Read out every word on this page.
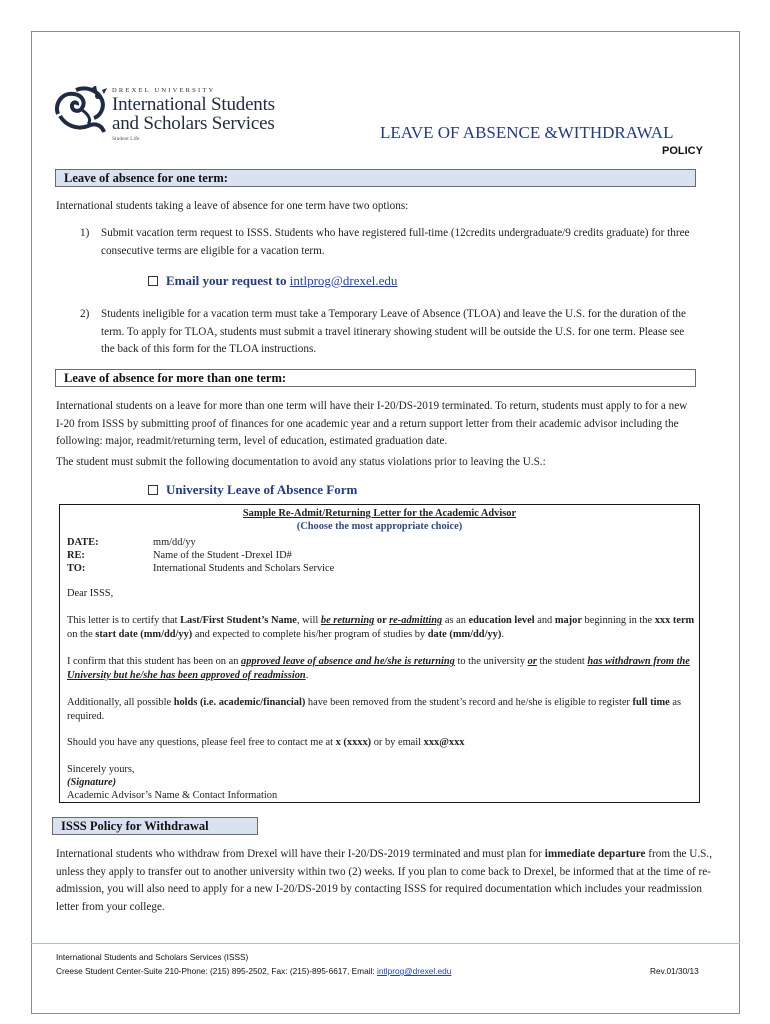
DREXEL UNIVERSITY
International Students
and Scholars Services
Student Life	LEAVE OF ABSENCE &WITHDRAWAL
POLICY
Leave of absence for one term:
International students taking a leave of absence for one term have two options:
1) Submit vacation term request to ISSS. Students who have registered full-time (12credits undergraduate/9 credits graduate) for three consecutive terms are eligible for a vacation term.
Email your request to intlprog@drexel.edu
2) Students ineligible for a vacation term must take a Temporary Leave of Absence (TLOA) and leave the U.S. for the duration of the term. To apply for TLOA, students must submit a travel itinerary showing student will be outside the U.S. for one term. Please see the back of this form for the TLOA instructions.
Leave of absence for more than one term:
International students on a leave for more than one term will have their I-20/DS-2019 terminated. To return, students must apply to for a new I-20 from ISSS by submitting proof of finances for one academic year and a return support letter from their academic advisor including the following: major, readmit/returning term, level of education, estimated graduation date.
The student must submit the following documentation to avoid any status violations prior to leaving the U.S.:
University Leave of Absence Form
Sample Re-Admit/Returning Letter for the Academic Advisor
(Choose the most appropriate choice)
DATE:	mm/dd/yy
RE:	Name of the Student -Drexel ID#
TO:	International Students and Scholars Service
Dear ISSS,
This letter is to certify that Last/First Student’s Name, will be returning or re-admitting as an education level and major beginning in the xxx term on the start date (mm/dd/yy) and expected to complete his/her program of studies by date (mm/dd/yy).
I confirm that this student has been on an approved leave of absence and he/she is returning to the university or the student has withdrawn from the University but he/she has been approved of readmission.
Additionally, all possible holds (i.e. academic/financial) have been removed from the student’s record and he/she is eligible to register full time as required.
Should you have any questions, please feel free to contact me at x (xxxx) or by email xxx@xxx
Sincerely yours,
(Signature)
Academic Advisor’s Name & Contact Information
ISSS Policy for Withdrawal
International students who withdraw from Drexel will have their I-20/DS-2019 terminated and must plan for immediate departure from the U.S., unless they apply to transfer out to another university within two (2) weeks. If you plan to come back to Drexel, be informed that at the time of re-admission, you will also need to apply for a new I-20/DS-2019 by contacting ISSS for required documentation which includes your readmission letter from your college.
International Students and Scholars Services (ISSS)
Creese Student Center-Suite 210-Phone: (215) 895-2502, Fax: (215)-895-6617, Email: intlprog@drexel.edu	Rev.01/30/13
